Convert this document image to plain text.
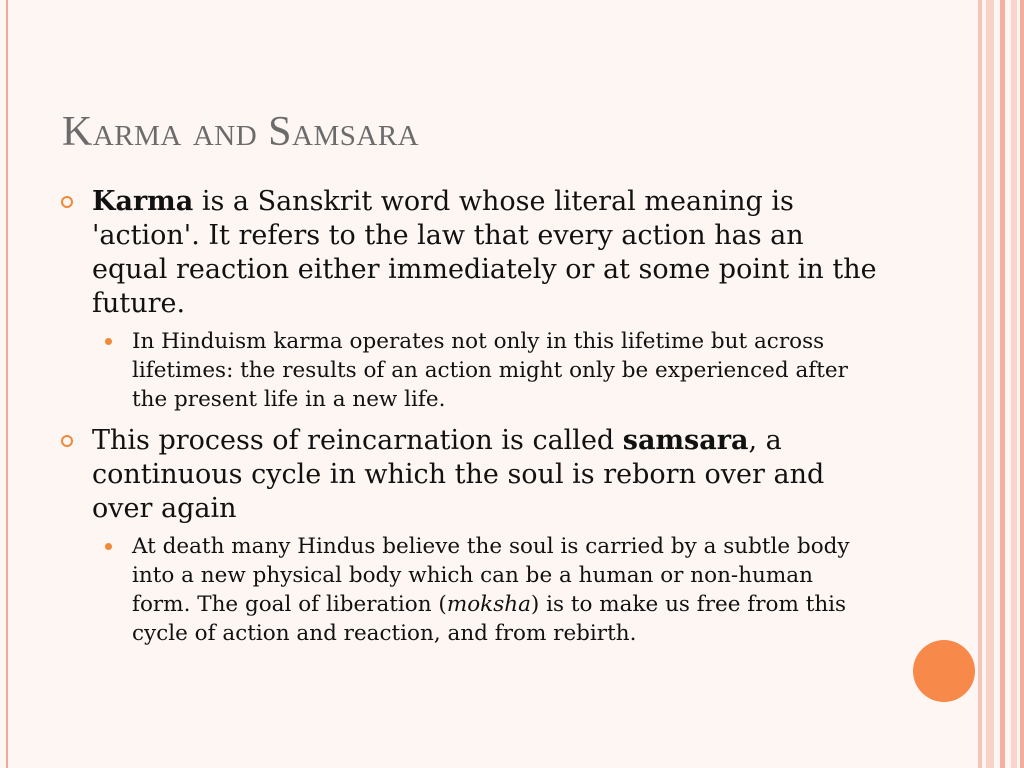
Karma and Samsara
Karma is a Sanskrit word whose literal meaning is 'action'. It refers to the law that every action has an equal reaction either immediately or at some point in the future.
In Hinduism karma operates not only in this lifetime but across lifetimes: the results of an action might only be experienced after the present life in a new life.
This process of reincarnation is called samsara, a continuous cycle in which the soul is reborn over and over again
At death many Hindus believe the soul is carried by a subtle body into a new physical body which can be a human or non-human form. The goal of liberation (moksha) is to make us free from this cycle of action and reaction, and from rebirth.
